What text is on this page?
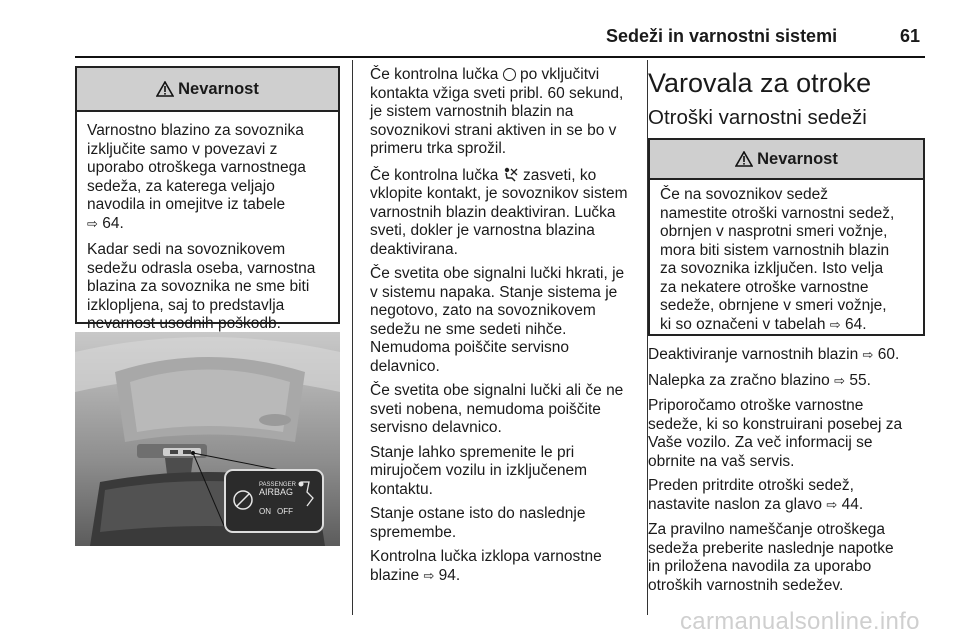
Sedeži in varnostni sistemi	61
Nevarnost

Varnostno blazino za sovoznika
izključite samo v povezavi z
uporabo otroškega varnostnega
sedeža, za katerega veljajo
navodila in omejitve iz tabele
⇨ 64.

Kadar sedi na sovoznikovem
sedežu odrasla oseba, varnostna
blazina za sovoznika ne sme biti
izklopljena, saj to predstavlja
nevarnost usodnih poškodb.

PASSENGER
AIRBAG
ON OFF

Če kontrolna lučka po vključitvi
kontakta vžiga sveti pribl. 60 sekund,
je sistem varnostnih blazin na
sovoznikovi strani aktiven in se bo v
primeru trka sprožil.

Če kontrolna lučka zasveti, ko
vklopite kontakt, je sovoznikov sistem
varnostnih blazin deaktiviran. Lučka
sveti, dokler je varnostna blazina
deaktivirana.

Če svetita obe signalni lučki hkrati, je
v sistemu napaka. Stanje sistema je
negotovo, zato na sovoznikovem
sedežu ne sme sedeti nihče.
Nemudoma poiščite servisno
delavnico.

Če svetita obe signalni lučki ali če ne
sveti nobena, nemudoma poiščite
servisno delavnico.

Stanje lahko spremenite le pri
mirujočem vozilu in izključenem
kontaktu.

Stanje ostane isto do naslednje
spremembe.

Kontrolna lučka izklopa varnostne
blazine ⇨ 94.

Varovala za otroke
Otroški varnostni sedeži
Nevarnost

Če na sovoznikov sedež
namestite otroški varnostni sedež,
obrnjen v nasprotni smeri vožnje,
mora biti sistem varnostnih blazin
za sovoznika izključen. Isto velja
za nekatere otroške varnostne
sedeže, obrnjene v smeri vožnje,
ki so označeni v tabelah ⇨ 64.

Deaktiviranje varnostnih blazin ⇨ 60.

Nalepka za zračno blazino ⇨ 55.

Priporočamo otroške varnostne
sedeže, ki so konstruirani posebej za
Vaše vozilo. Za več informacij se
obrnite na vaš servis.

Preden pritrdite otroški sedež,
nastavite naslon za glavo ⇨ 44.

Za pravilno nameščanje otroškega
sedeža preberite naslednje napotke
in priložena navodila za uporabo
otroških varnostnih sedežev.

carmanualsonline.info
